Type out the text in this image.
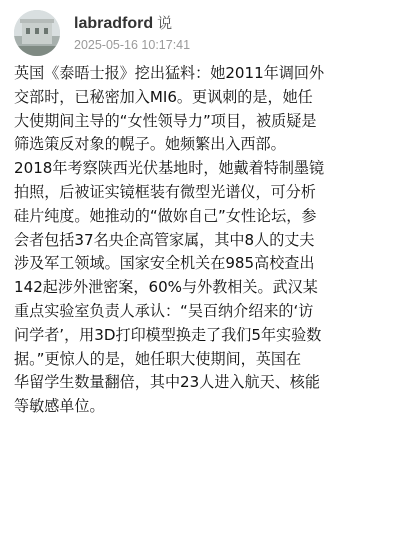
labradford 说
2025-05-16 10:17:41
英国《泰晤士报》挖出猛料：她2011年调回外
交部时，已秘密加入MI6。更讽刺的是，她任
大使期间主导的“女性领导力”项目，被质疑是
筛选策反对象的幌子。她频繁出入西部。
2018年考察陕西光伏基地时，她戴着特制墨镜
拍照，后被证实镜框装有微型光谱仪，可分析
硅片纯度。她推动的“做妳自己”女性论坛，参
会者包括37名央企高管家属，其中8人的丈夫
涉及军工领域。国家安全机关在985高校查出
142起涉外泄密案，60%与外教相关。武汉某
重点实验室负责人承认：“吴百纳介绍来的‘访
问学者’，用3D打印模型换走了我们5年实验数
据。”更惊人的是，她任职大使期间，英国在
华留学生数量翻倍，其中23人进入航天、核能
等敏感单位。
